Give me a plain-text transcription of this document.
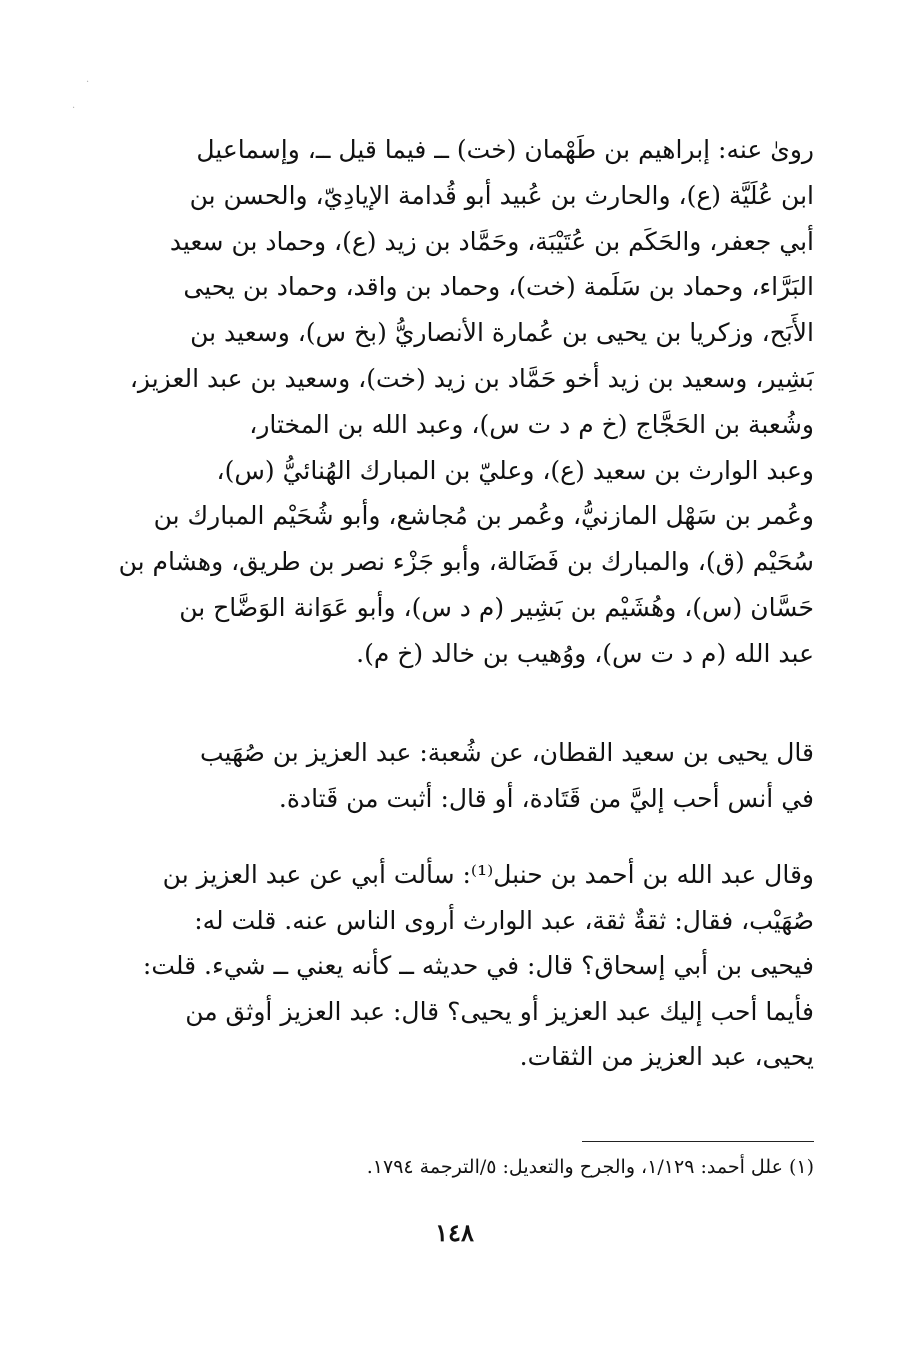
·
·
روىٰ عنه: إبراهيم بن طَهْمان (خت) ــ فيما قيل ــ، وإسماعيل
ابن عُلَيَّة (ع)، والحارث بن عُبيد أبو قُدامة الإيادِيّ، والحسن بن
أبي جعفر، والحَكَم بن عُتَيْبَة، وحَمَّاد بن زيد (ع)، وحماد بن سعيد
البَرَّاء، وحماد بن سَلَمة (خت)، وحماد بن واقد، وحماد بن يحيى
الأَبَح، وزكريا بن يحيى بن عُمارة الأنصاريُّ (بخ س)، وسعيد بن
بَشِير، وسعيد بن زيد أخو حَمَّاد بن زيد (خت)، وسعيد بن عبد العزيز،
وشُعبة بن الحَجَّاج (خ م د ت س)، وعبد الله بن المختار،
وعبد الوارث بن سعيد (ع)، وعليّ بن المبارك الهُنائيُّ (س)،
وعُمر بن سَهْل المازنيُّ، وعُمر بن مُجاشع، وأبو شُحَيْم المبارك بن
سُحَيْم (ق)، والمبارك بن فَضَالة، وأبو جَزْء نصر بن طريق، وهشام بن
حَسَّان (س)، وهُشَيْم بن بَشِير (م د س)، وأبو عَوَانة الوَضَّاح بن
عبد الله (م د ت س)، ووُهيب بن خالد (خ م).
قال يحيى بن سعيد القطان، عن شُعبة: عبد العزيز بن صُهَيب
في أنس أحب إليَّ من قَتَادة، أو قال: أثبت من قَتادة.
وقال عبد الله بن أحمد بن حنبل⁽¹⁾: سألت أبي عن عبد العزيز بن
صُهَيْب، فقال: ثقةٌ ثقة، عبد الوارث أروى الناس عنه. قلت له:
فيحيى بن أبي إسحاق؟ قال: في حديثه ــ كأنه يعني ــ شيء. قلت:
فأيما أحب إليك عبد العزيز أو يحيى؟ قال: عبد العزيز أوثق من
يحيى، عبد العزيز من الثقات.
(١) علل أحمد: ١/١٢٩، والجرح والتعديل: ٥/الترجمة ١٧٩٤.
١٤٨
